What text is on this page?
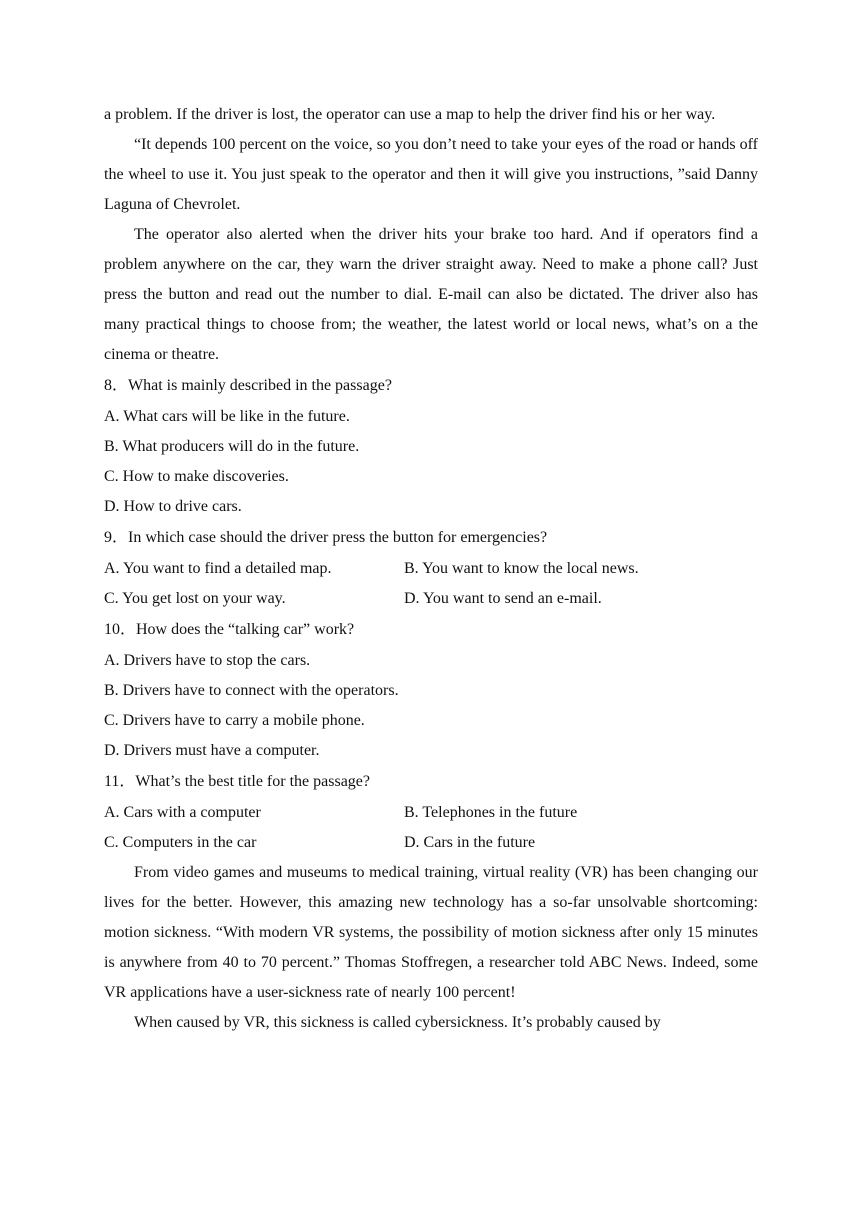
a problem. If the driver is lost, the operator can use a map to help the driver find his or her way.

“It depends 100 percent on the voice, so you don’t need to take your eyes of the road or hands off the wheel to use it. You just speak to the operator and then it will give you instructions, ”said Danny Laguna of Chevrolet.

The operator also alerted when the driver hits your brake too hard. And if operators find a problem anywhere on the car, they warn the driver straight away. Need to make a phone call? Just press the button and read out the number to dial. E-mail can also be dictated. The driver also has many practical things to choose from; the weather, the latest world or local news, what’s on a the cinema or theatre.

8．What is mainly described in the passage?

A. What cars will be like in the future.

B. What producers will do in the future.

C. How to make discoveries.

D. How to drive cars.

9．In which case should the driver press the button for emergencies?

A. You want to find a detailed map.	B. You want to know the local news.
C. You get lost on your way.	D. You want to send an e-mail.

10．How does the “talking car” work?

A. Drivers have to stop the cars.

B. Drivers have to connect with the operators.

C. Drivers have to carry a mobile phone.

D. Drivers must have a computer.

11．What’s the best title for the passage?

A. Cars with a computer	B. Telephones in the future
C. Computers in the car	D. Cars in the future

From video games and museums to medical training, virtual reality (VR) has been changing our lives for the better. However, this amazing new technology has a so-far unsolvable shortcoming: motion sickness. “With modern VR systems, the possibility of motion sickness after only 15 minutes is anywhere from 40 to 70 percent.” Thomas Stoffregen, a researcher told ABC News. Indeed, some VR applications have a user-sickness rate of nearly 100 percent!

When caused by VR, this sickness is called cybersickness. It’s probably caused by
